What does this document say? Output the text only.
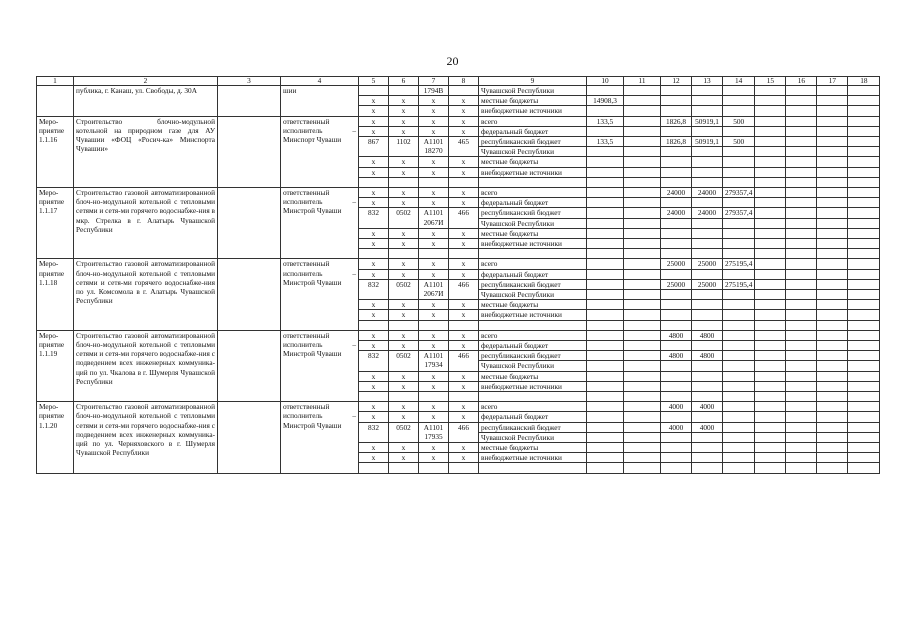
20
1	2	3	4	5	6	7	8	9	10	11	12	13	14	15	16	17	18
	публика, г. Канаш, ул. Свободы, д. 30А		шии			1794В		Чувашской Республики									
				x	x	x	x	местные бюджеты	14908,3								
				x	x	x	x	внебюджетные источники									
Меро-приятие 1.1.16	Строительство блочно-модульной котельной на природном газе для АУ Чувашии «ФОЦ «Росич-ка» Минспорта Чувашии»		ответственный исполнитель – Минспорт Чуваши	x	x	x	x	всего	133,5		1826,8	50919,1	500				
				x	x	x	x	федеральный бюджет									
				867	1102	A1101 18270	465	республиканский бюджет	133,5		1826,8	50919,1	500				
								Чувашской Республики									
				x	x	x	x	местные бюджеты									
				x	x	x	x	внебюджетные источники									

Меро-приятие 1.1.17	Строительство газовой автоматизированной блоч-но-модульной котельной с тепловыми сетями и сетя-ми горячего водоснабже-ния в мкр. Стрелка в г. Алатырь Чувашской Республики		ответственный исполнитель – Минстрой Чуваши	x	x	x	x	всего			24000	24000	279357,4				
				x	x	x	x	федеральный бюджет									
				832	0502	A1101 2067И	466	республиканский бюджет			24000	24000	279357,4				
								Чувашской Республики									
				x	x	x	x	местные бюджеты									
				x	x	x	x	внебюджетные источники									

Меро-приятие 1.1.18	Строительство газовой автоматизированной блоч-но-модульной котельной с тепловыми сетями и сетя-ми горячего водоснабже-ния по ул. Комсомола в г. Алатырь Чувашской Республики		ответственный исполнитель – Минстрой Чуваши	x	x	x	x	всего			25000	25000	275195,4				
				x	x	x	x	федеральный бюджет									
				832	0502	A1101 2067И	466	республиканский бюджет			25000	25000	275195,4				
								Чувашской Республики									
				x	x	x	x	местные бюджеты									
				x	x	x	x	внебюджетные источники									

Меро-приятие 1.1.19	Строительство газовой автоматизированной блоч-но-модульной котельной с тепловыми сетями и сетя-ми горячего водоснабже-ния с подведением всех инженерных коммуника-ций по ул. Чкалова в г. Шумерля Чувашской Республики		ответственный исполнитель – Минстрой Чуваши	x	x	x	x	всего			4800	4800					
				x	x	x	x	федеральный бюджет									
				832	0502	A1101 17934	466	республиканский бюджет			4800	4800					
								Чувашской Республики									
				x	x	x	x	местные бюджеты									
				x	x	x	x	внебюджетные источники									

Меро-приятие 1.1.20	Строительство газовой автоматизированной блоч-но-модульной котельной с тепловыми сетями и сетя-ми горячего водоснабже-ния с подведением всех инженерных коммуника-ций по ул. Черняховского в г. Шумерля Чувашской Республики		ответственный исполнитель – Минстрой Чуваши	x	x	x	x	всего			4000	4000					
				x	x	x	x	федеральный бюджет									
				832	0502	A1101 17935	466	республиканский бюджет			4000	4000					
								Чувашской Республики									
				x	x	x	x	местные бюджеты									
				x	x	x	x	внебюджетные источники									
